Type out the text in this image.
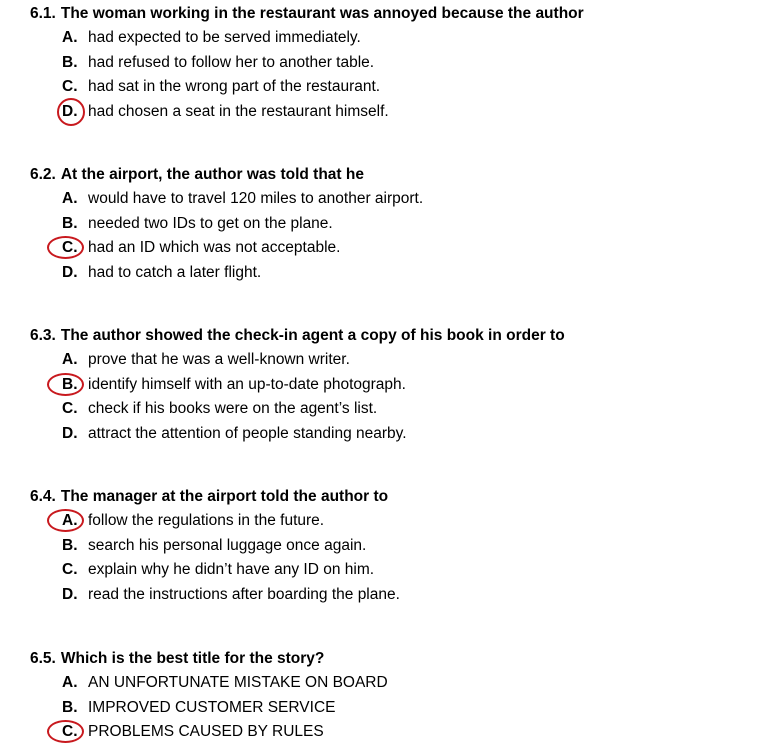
6.1. The woman working in the restaurant was annoyed because the author
A. had expected to be served immediately.
B. had refused to follow her to another table.
C. had sat in the wrong part of the restaurant.
D. had chosen a seat in the restaurant himself.
6.2. At the airport, the author was told that he
A. would have to travel 120 miles to another airport.
B. needed two IDs to get on the plane.
C. had an ID which was not acceptable.
D. had to catch a later flight.
6.3. The author showed the check-in agent a copy of his book in order to
A. prove that he was a well-known writer.
B. identify himself with an up-to-date photograph.
C. check if his books were on the agent’s list.
D. attract the attention of people standing nearby.
6.4. The manager at the airport told the author to
A. follow the regulations in the future.
B. search his personal luggage once again.
C. explain why he didn’t have any ID on him.
D. read the instructions after boarding the plane.
6.5. Which is the best title for the story?
A. AN UNFORTUNATE MISTAKE ON BOARD
B. IMPROVED CUSTOMER SERVICE
C. PROBLEMS CAUSED BY RULES
